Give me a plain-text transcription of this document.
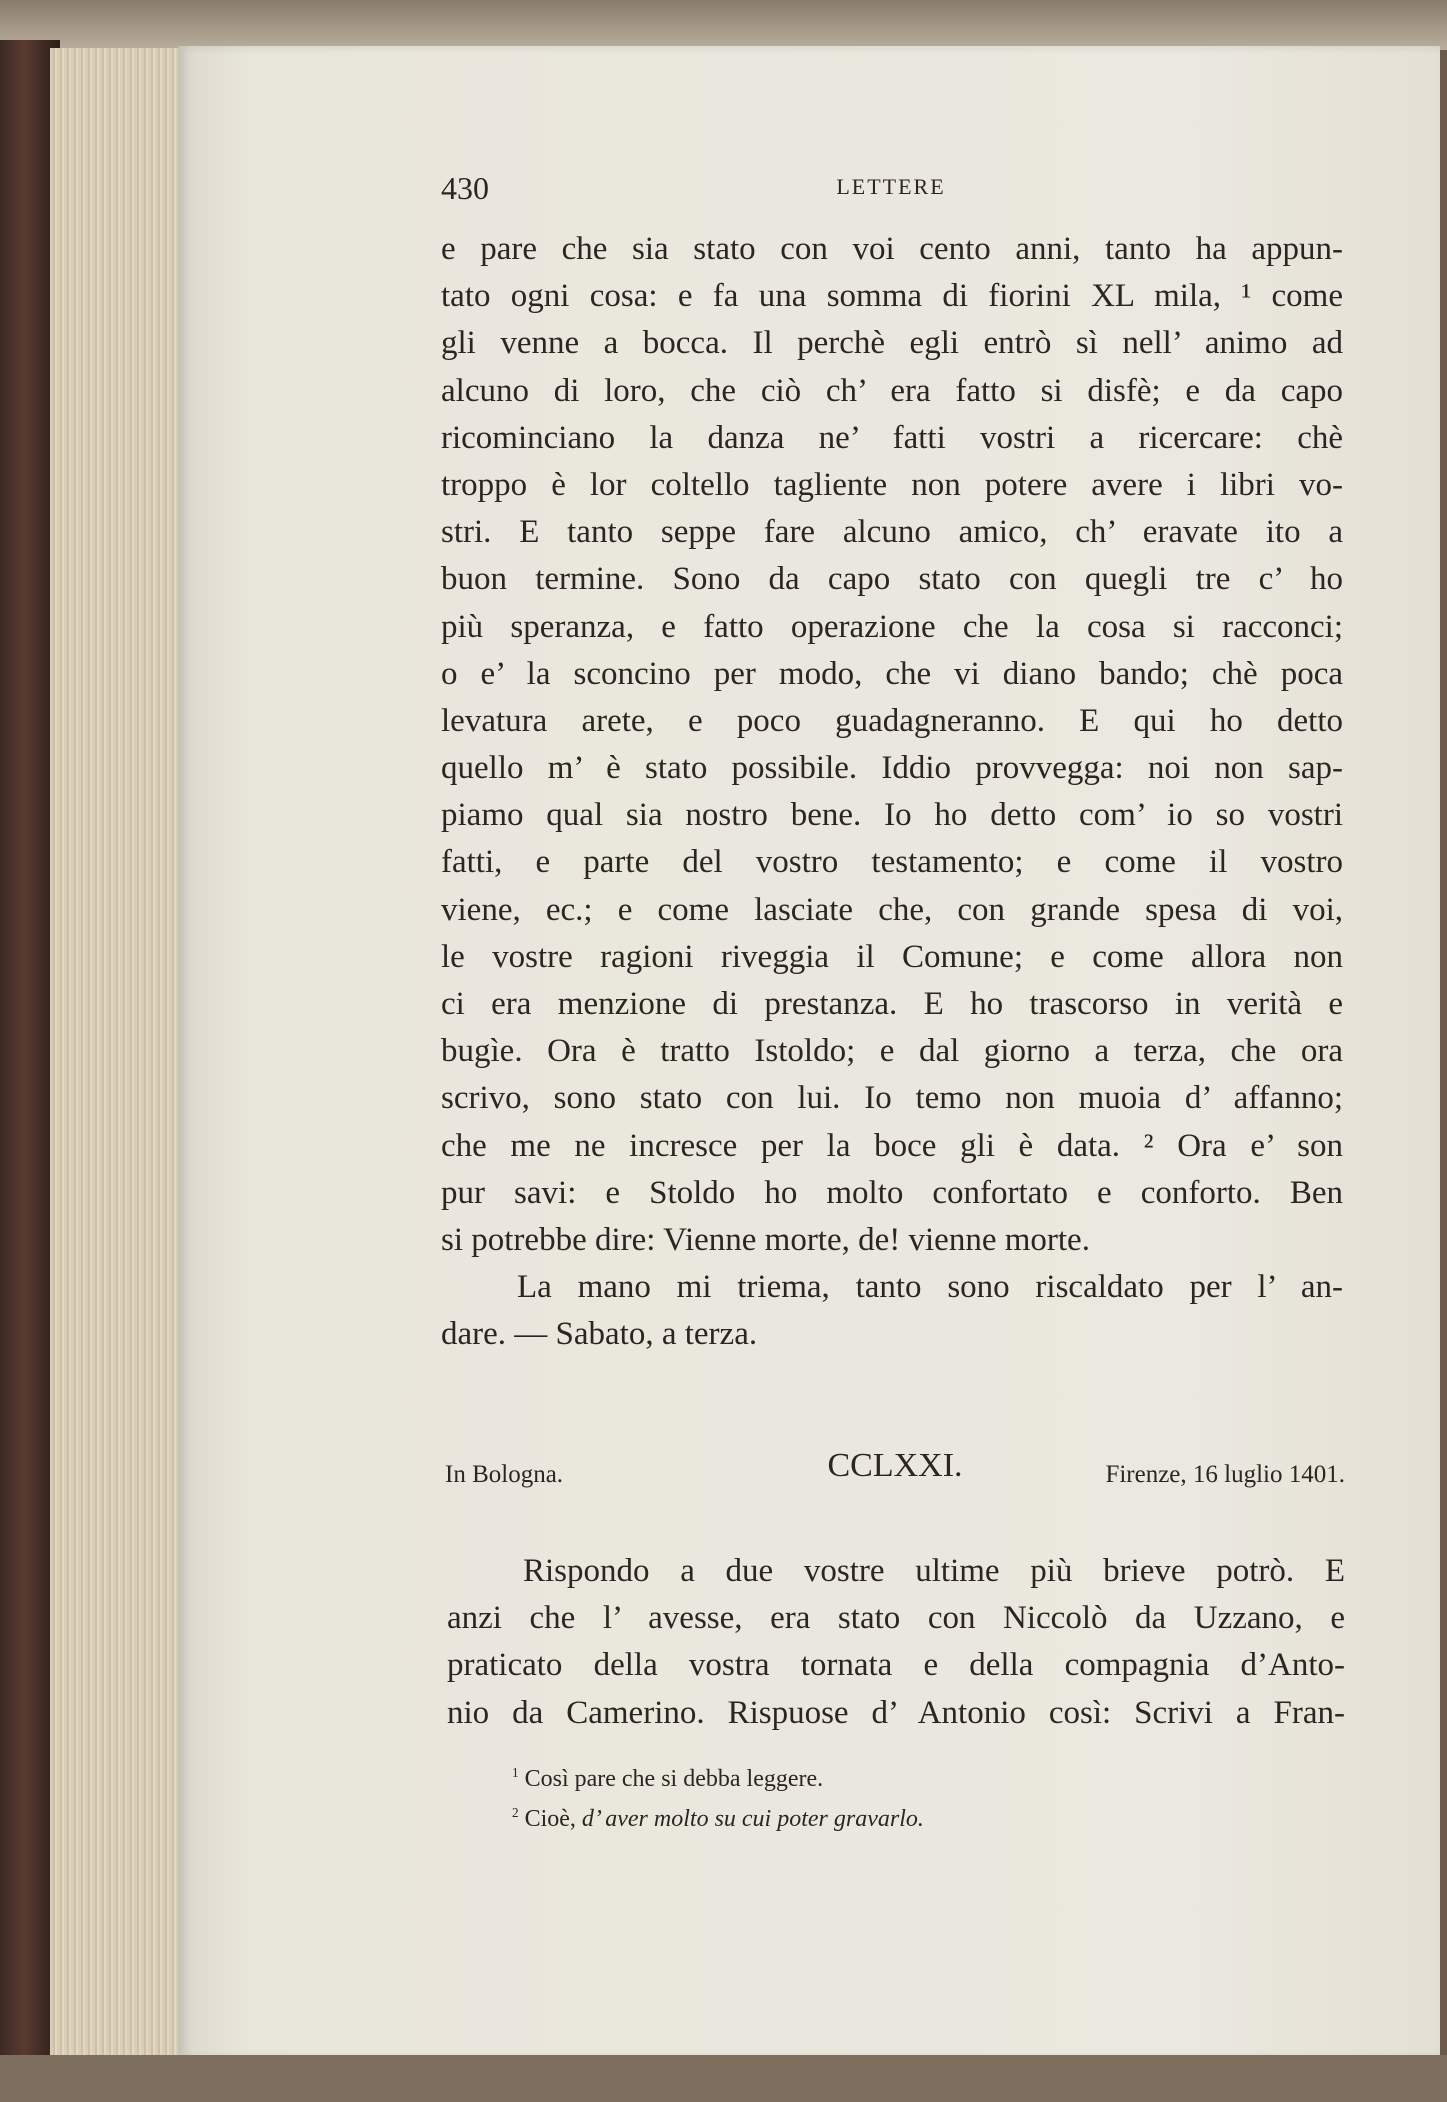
430	LETTERE
e pare che sia stato con voi cento anni, tanto ha appun-
tato ogni cosa: e fa una somma di fiorini XL mila, ¹ come
gli venne a bocca. Il perchè egli entrò sì nell’ animo ad
alcuno di loro, che ciò ch’ era fatto si disfè; e da capo
ricominciano la danza ne’ fatti vostri a ricercare: chè
troppo è lor coltello tagliente non potere avere i libri vo-
stri. E tanto seppe fare alcuno amico, ch’ eravate ito a
buon termine. Sono da capo stato con quegli tre c’ ho
più speranza, e fatto operazione che la cosa si racconci;
o e’ la sconcino per modo, che vi diano bando; chè poca
levatura arete, e poco guadagneranno. E qui ho detto
quello m’ è stato possibile. Iddio provvegga: noi non sap-
piamo qual sia nostro bene. Io ho detto com’ io so vostri
fatti, e parte del vostro testamento; e come il vostro
viene, ec.; e come lasciate che, con grande spesa di voi,
le vostre ragioni riveggia il Comune; e come allora non
ci era menzione di prestanza. E ho trascorso in verità e
bugìe. Ora è tratto Istoldo; e dal giorno a terza, che ora
scrivo, sono stato con lui. Io temo non muoia d’ affanno;
che me ne incresce per la boce gli è data. ² Ora e’ son
pur savi: e Stoldo ho molto confortato e conforto. Ben
si potrebbe dire: Vienne morte, de! vienne morte.
La mano mi triema, tanto sono riscaldato per l’ an-
dare. — Sabato, a terza.
In Bologna.	CCLXXI.	Firenze, 16 luglio 1401.
Rispondo a due vostre ultime più brieve potrò. E
anzi che l’ avesse, era stato con Niccolò da Uzzano, e
praticato della vostra tornata e della compagnia d’Anto-
nio da Camerino. Rispuose d’ Antonio così: Scrivi a Fran-
$^1$ Così pare che si debba leggere.
$^2$ Cioè, d’ aver molto su cui poter gravarlo.
